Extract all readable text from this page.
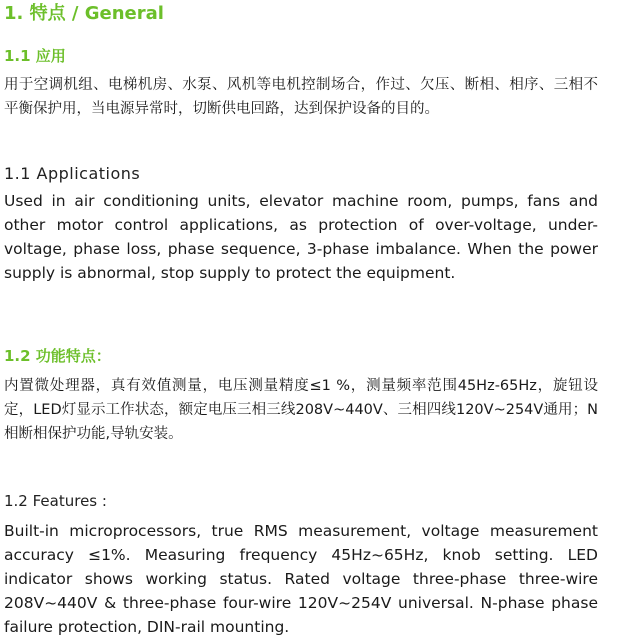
1. 特点 / General
1.1 应用
用于空调机组、电梯机房、水泵、风机等电机控制场合，作过、欠压、断相、相序、三相不平衡保护用，当电源异常时，切断供电回路，达到保护设备的目的。
1.1 Applications
Used in air conditioning units, elevator machine room, pumps, fans and other motor control applications, as protection of over-voltage, under-voltage, phase loss, phase sequence, 3-phase imbalance. When the power supply is abnormal, stop supply to protect the equipment.
1.2 功能特点：
内置微处理器，真有效值测量，电压测量精度≤1 %，测量频率范围45Hz-65Hz，旋钮设定，LED灯显示工作状态，额定电压三相三线208V~440V、三相四线120V~254V通用；N 相断相保护功能,导轨安装。
1.2 Features :
Built-in microprocessors, true RMS measurement, voltage measurement accuracy ≤1%. Measuring frequency 45Hz~65Hz, knob setting. LED indicator shows working status. Rated voltage three-phase three-wire 208V~440V & three-phase four-wire 120V~254V universal. N-phase phase failure protection, DIN-rail mounting.
